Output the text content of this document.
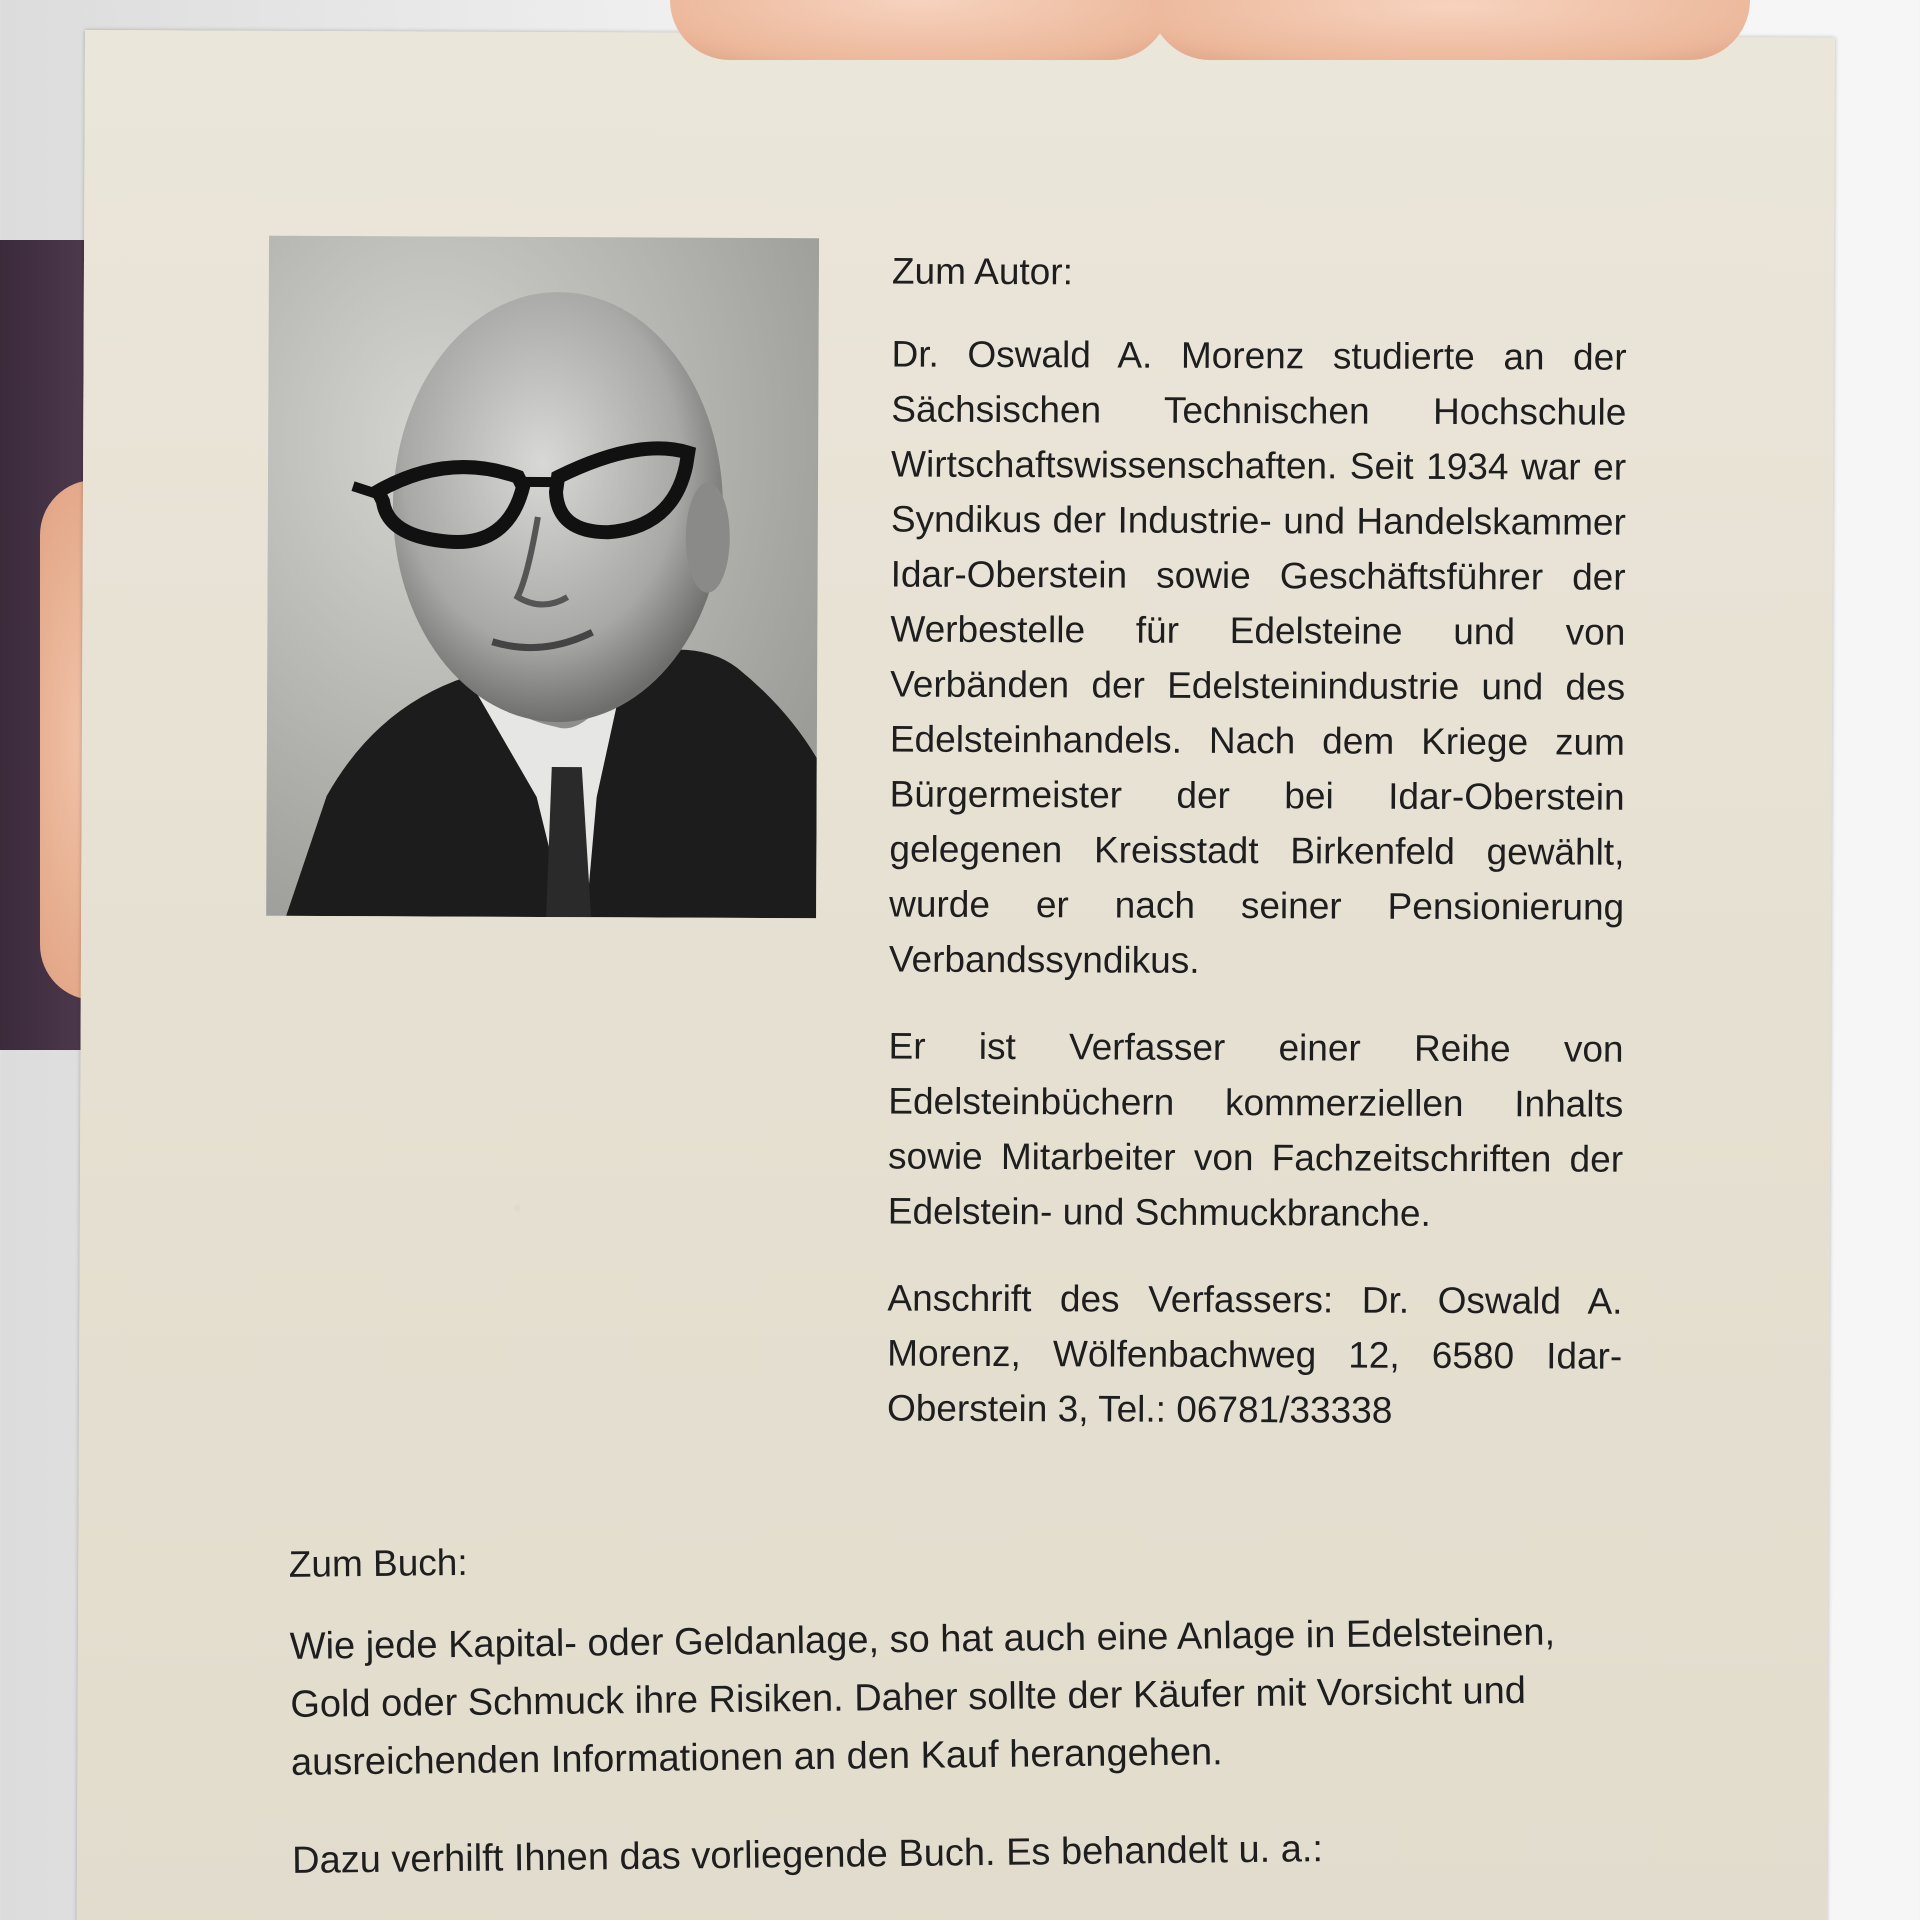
Zum Autor:

Dr. Oswald A. Morenz studierte an der Sächsischen Technischen Hochschule Wirtschaftswissenschaften. Seit 1934 war er Syndikus der Industrie- und Handelskammer Idar-Oberstein sowie Geschäftsführer der Werbestelle für Edelsteine und von Verbänden der Edelsteinindustrie und des Edelsteinhandels. Nach dem Kriege zum Bürgermeister der bei Idar-Oberstein gelegenen Kreisstadt Birkenfeld gewählt, wurde er nach seiner Pensionierung Verbandssyndikus.

Er ist Verfasser einer Reihe von Edelsteinbüchern kommerziellen Inhalts sowie Mitarbeiter von Fachzeitschriften der Edelstein- und Schmuckbranche.

Anschrift des Verfassers: Dr. Oswald A. Morenz, Wölfenbachweg 12, 6580 Idar-Oberstein 3, Tel.: 06781/33338

Zum Buch:

Wie jede Kapital- oder Geldanlage, so hat auch eine Anlage in Edelsteinen, Gold oder Schmuck ihre Risiken. Daher sollte der Käufer mit Vorsicht und ausreichenden Informationen an den Kauf herangehen.

Dazu verhilft Ihnen das vorliegende Buch. Es behandelt u. a.:
